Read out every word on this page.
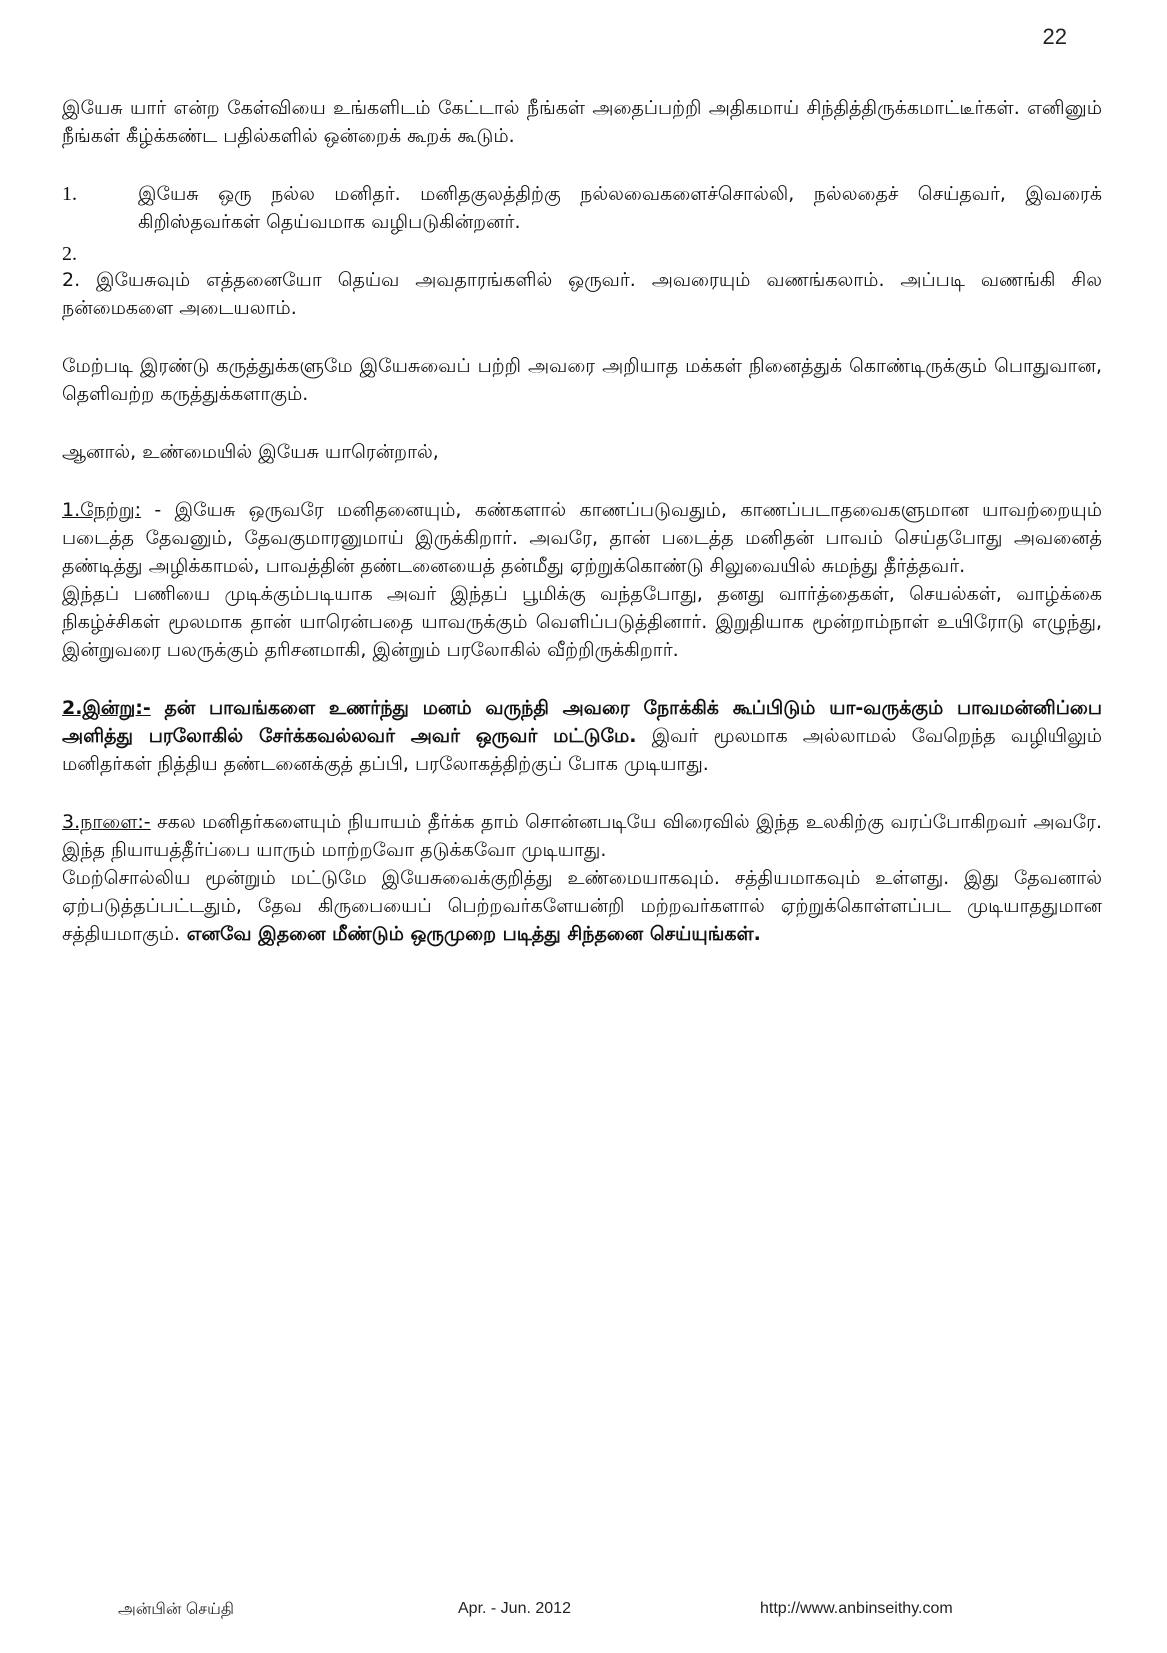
22

இயேசு யார் என்ற கேள்வியை உங்களிடம் கேட்டால் நீங்கள் அதைப்பற்றி அதிகமாய் சிந்தித்திருக்கமாட்டீர்கள். எனினும் நீங்கள் கீழ்க்கண்ட பதில்களில் ஒன்றைக் கூறக் கூடும்.

1.	இயேசு ஒரு நல்ல மனிதர். மனிதகுலத்திற்கு நல்லவைகளைச்சொல்லி, நல்லதைச் செய்தவர், இவரைக் கிறிஸ்தவர்கள் தெய்வமாக வழிபடுகின்றனர்.
2.

2. இயேசுவும் எத்தனையோ தெய்வ அவதாரங்களில் ஒருவர். அவரையும் வணங்கலாம். அப்படி வணங்கி சில நன்மைகளை அடையலாம்.

மேற்படி இரண்டு கருத்துக்களுமே இயேசுவைப் பற்றி அவரை அறியாத மக்கள் நினைத்துக் கொண்டிருக்கும் பொதுவான, தெளிவற்ற கருத்துக்களாகும்.

ஆனால், உண்மையில் இயேசு யாரென்றால்,

1.நேற்று: - இயேசு ஒருவரே மனிதனையும், கண்களால் காணப்படுவதும், காணப்படாதவைகளுமான யாவற்றையும் படைத்த தேவனும், தேவகுமாரனுமாய் இருக்கிறார். அவரே, தான் படைத்த மனிதன் பாவம் செய்தபோது அவனைத் தண்டித்து அழிக்காமல், பாவத்தின் தண்டனையைத் தன்மீது ஏற்றுக்கொண்டு சிலுவையில் சுமந்து தீர்த்தவர்.

இந்தப் பணியை முடிக்கும்படியாக அவர் இந்தப் பூமிக்கு வந்தபோது, தனது வார்த்தைகள், செயல்கள், வாழ்க்கை நிகழ்ச்சிகள் மூலமாக தான் யாரென்பதை யாவருக்கும் வெளிப்படுத்தினார். இறுதியாக மூன்றாம்நாள் உயிரோடு எழுந்து, இன்றுவரை பலருக்கும் தரிசனமாகி, இன்றும் பரலோகில் வீற்றிருக்கிறார்.

2.இன்று:- தன் பாவங்களை உணர்ந்து மனம் வருந்தி அவரை நோக்கிக் கூப்பிடும் யா-வருக்கும் பாவமன்னிப்பை அளித்து பரலோகில் சேர்க்கவல்லவர் அவர் ஒருவர் மட்டுமே. இவர் மூலமாக அல்லாமல் வேறெந்த வழியிலும் மனிதர்கள் நித்திய தண்டனைக்குத் தப்பி, பரலோகத்திற்குப் போக முடியாது.

3.நாளை:- சகல மனிதர்களையும் நியாயம் தீர்க்க தாம் சொன்னபடியே விரைவில் இந்த உலகிற்கு வரப்போகிறவர் அவரே. இந்த நியாயத்தீர்ப்பை யாரும் மாற்றவோ தடுக்கவோ முடியாது.

மேற்சொல்லிய மூன்றும் மட்டுமே இயேசுவைக்குறித்து உண்மையாகவும். சத்தியமாகவும் உள்ளது. இது தேவனால் ஏற்படுத்தப்பட்டதும், தேவ கிருபையைப் பெற்றவர்களேயன்றி மற்றவர்களால் ஏற்றுக்கொள்ளப்பட முடியாததுமான சத்தியமாகும். எனவே இதனை மீண்டும் ஒருமுறை படித்து சிந்தனை செய்யுங்கள்.

அன்பின் செய்தி	Apr. - Jun. 2012	http://www.anbinseithy.com
